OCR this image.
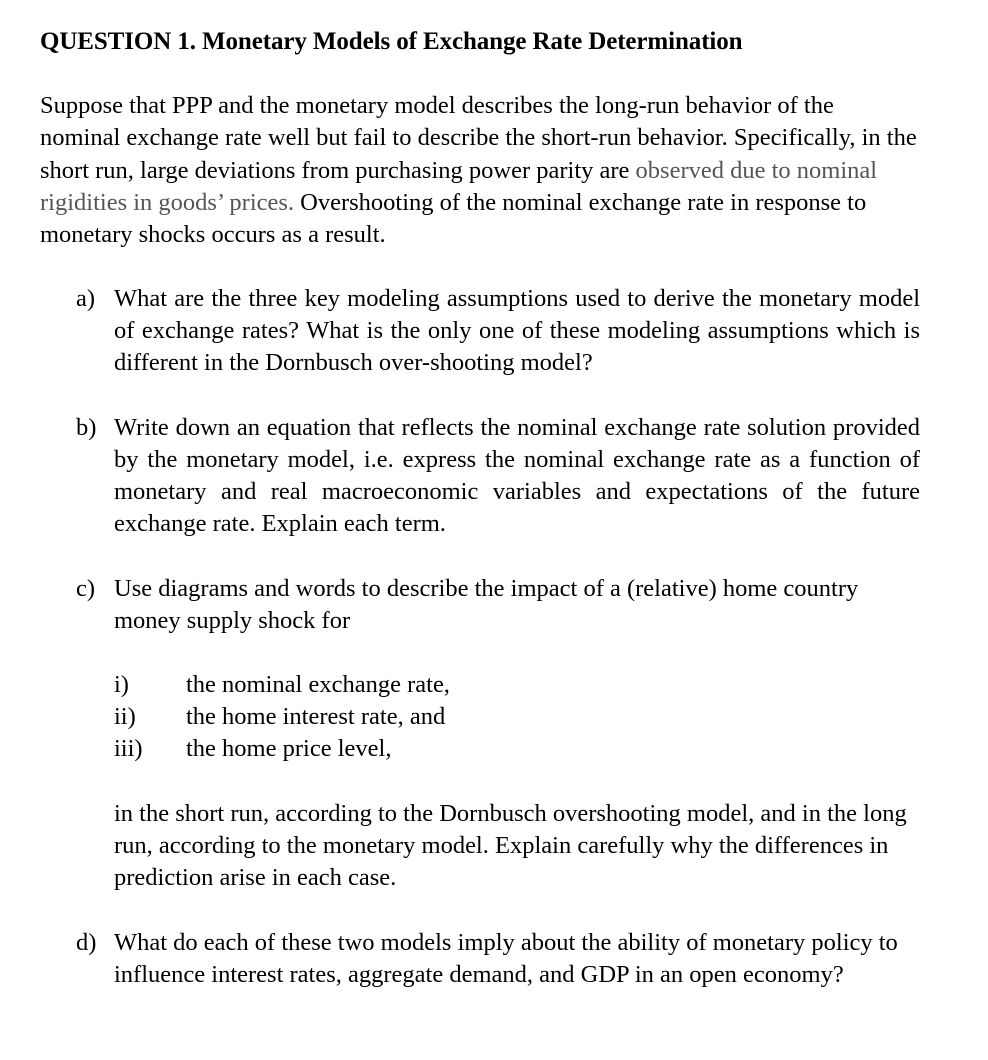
QUESTION 1. Monetary Models of Exchange Rate Determination

Suppose that PPP and the monetary model describes the long-run behavior of the nominal exchange rate well but fail to describe the short-run behavior. Specifically, in the short run, large deviations from purchasing power parity are observed due to nominal rigidities in goods’ prices. Overshooting of the nominal exchange rate in response to monetary shocks occurs as a result.

a) What are the three key modeling assumptions used to derive the monetary model of exchange rates? What is the only one of these modeling assumptions which is different in the Dornbusch over-shooting model?
b) Write down an equation that reflects the nominal exchange rate solution provided by the monetary model, i.e. express the nominal exchange rate as a function of monetary and real macroeconomic variables and expectations of the future exchange rate. Explain each term.
c) Use diagrams and words to describe the impact of a (relative) home country money supply shock for
i) the nominal exchange rate,
ii) the home interest rate, and
iii) the home price level,
in the short run, according to the Dornbusch overshooting model, and in the long run, according to the monetary model. Explain carefully why the differences in prediction arise in each case.
d) What do each of these two models imply about the ability of monetary policy to influence interest rates, aggregate demand, and GDP in an open economy?
